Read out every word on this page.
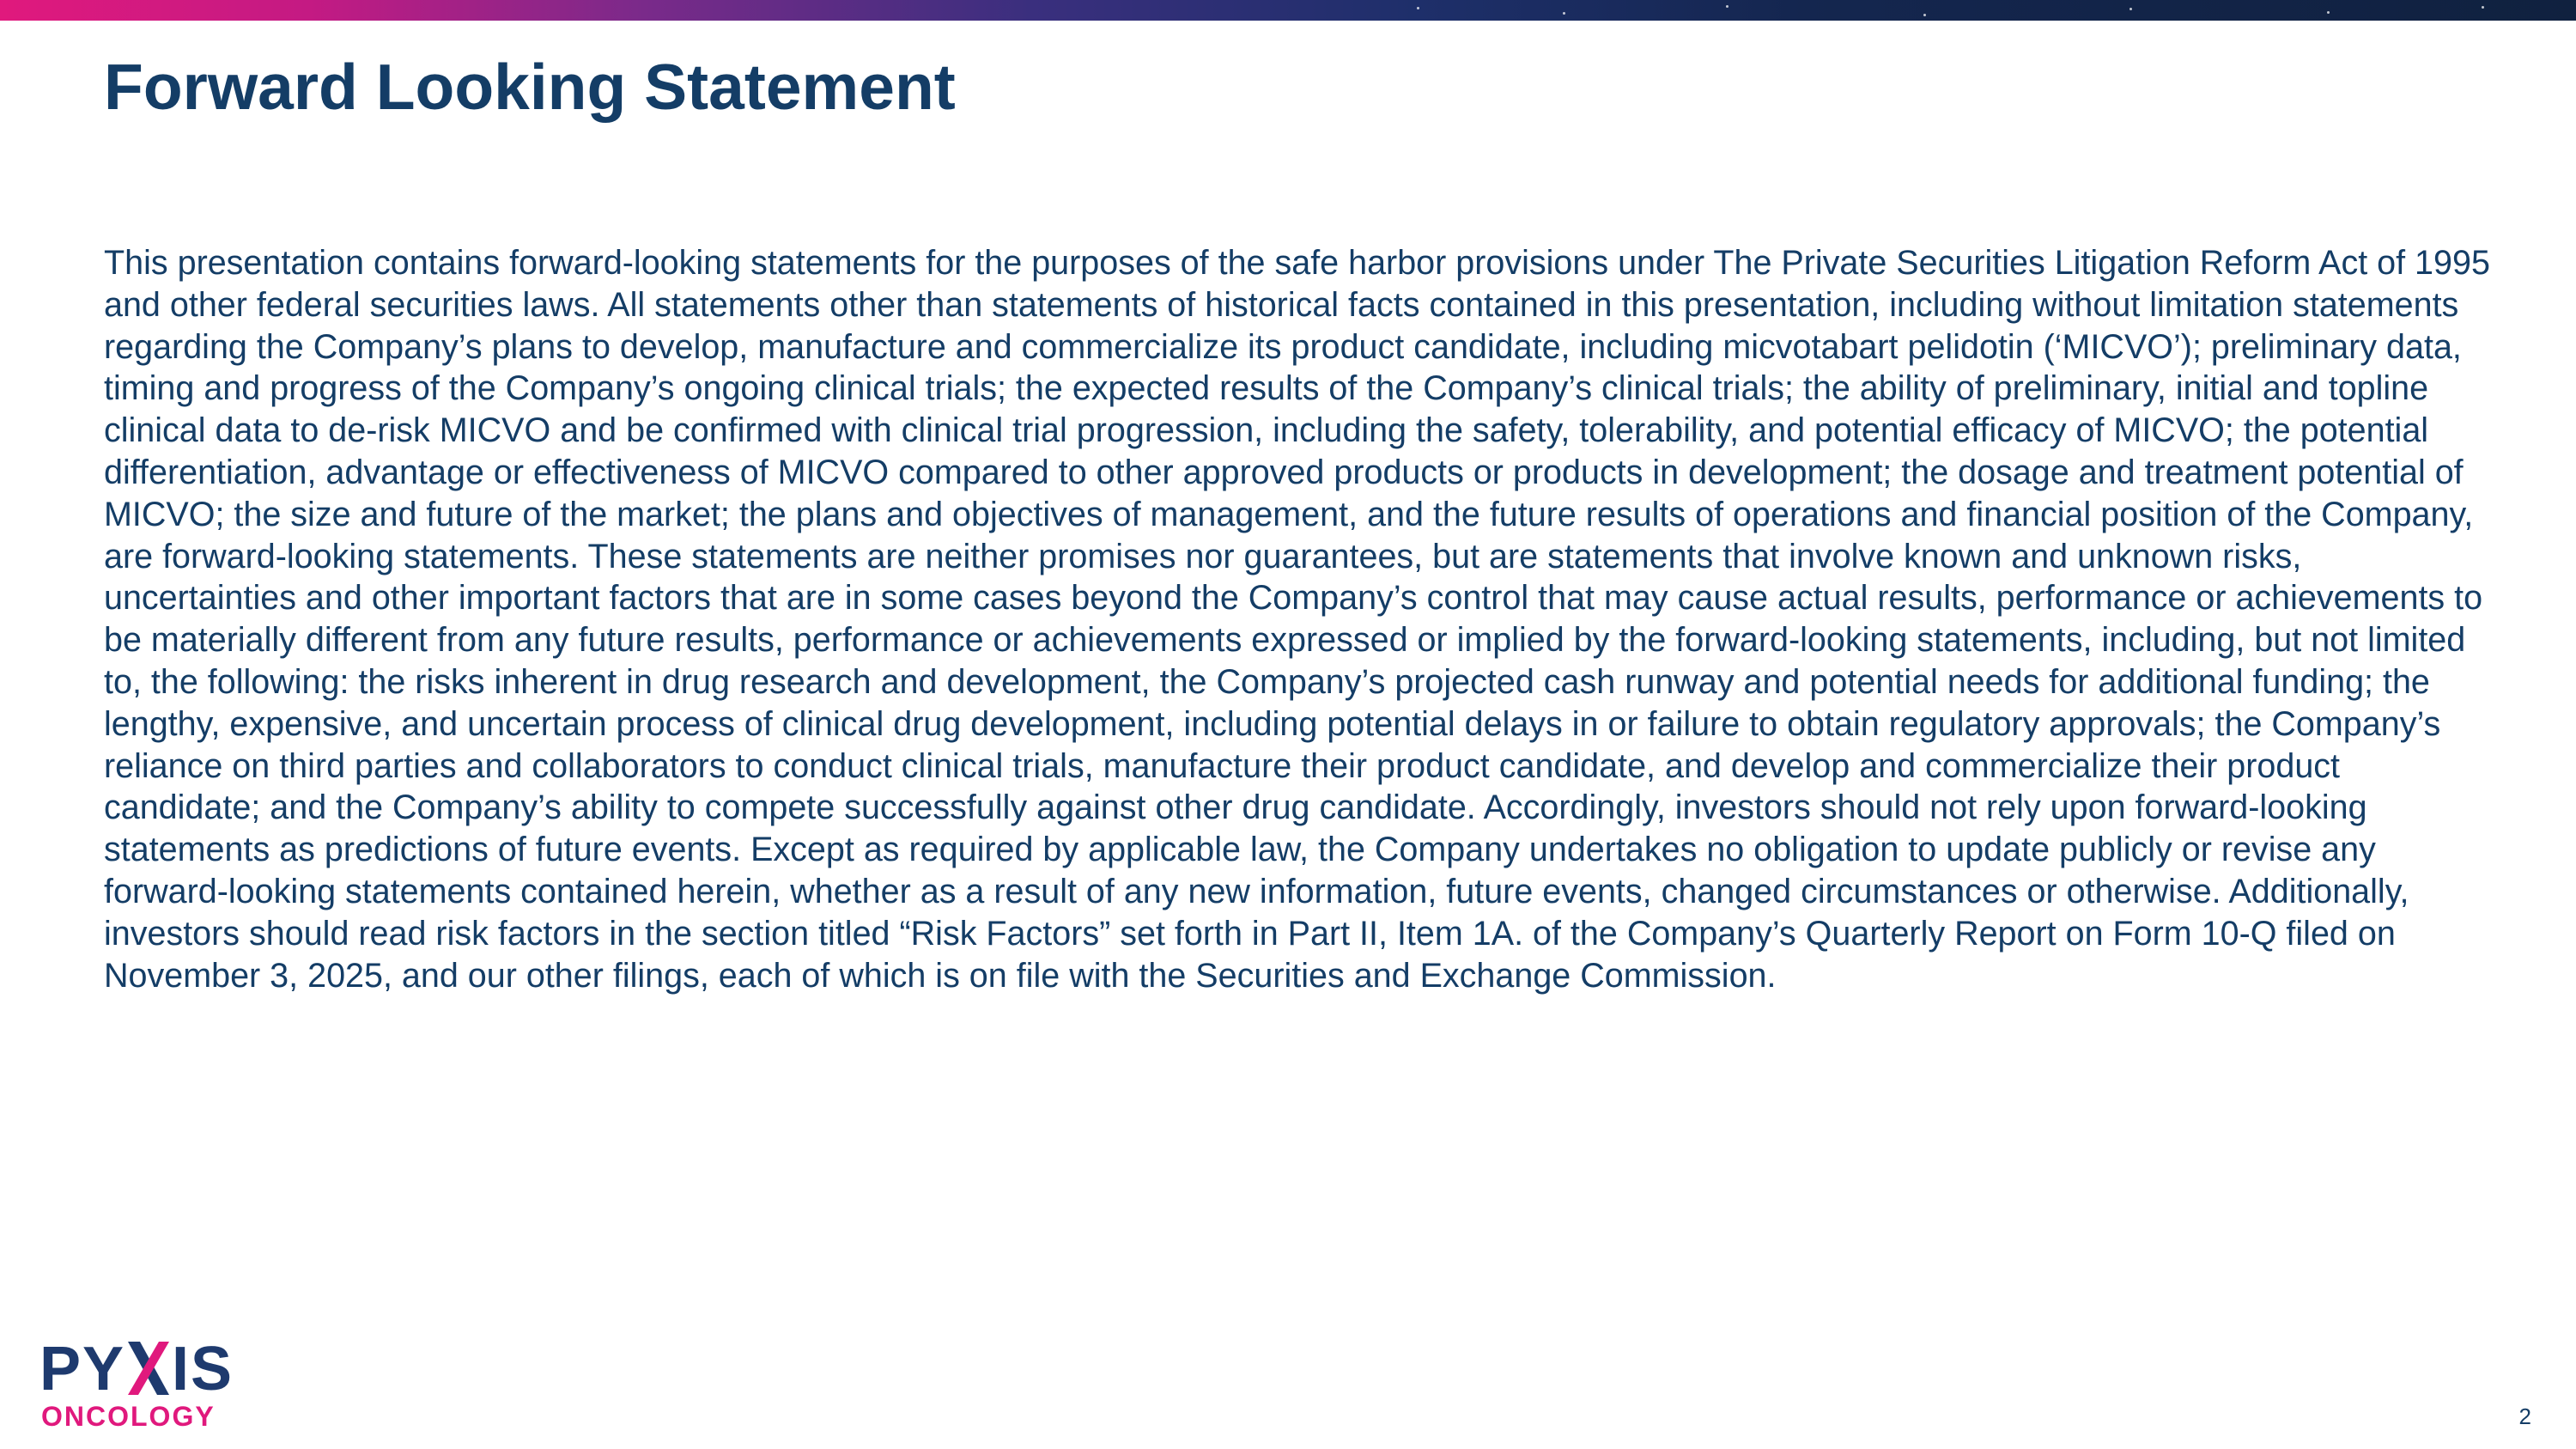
Forward Looking Statement

This presentation contains forward-looking statements for the purposes of the safe harbor provisions under The Private Securities Litigation Reform Act of 1995 and other federal securities laws. All statements other than statements of historical facts contained in this presentation, including without limitation statements regarding the Company’s plans to develop, manufacture and commercialize its product candidate, including micvotabart pelidotin (‘MICVO’); preliminary data, timing and progress of the Company’s ongoing clinical trials; the expected results of the Company’s clinical trials; the ability of preliminary, initial and topline clinical data to de-risk MICVO and be confirmed with clinical trial progression, including the safety, tolerability, and potential efficacy of MICVO; the potential differentiation, advantage or effectiveness of MICVO compared to other approved products or products in development; the dosage and treatment potential of MICVO; the size and future of the market; the plans and objectives of management, and the future results of operations and financial position of the Company, are forward-looking statements. These statements are neither promises nor guarantees, but are statements that involve known and unknown risks, uncertainties and other important factors that are in some cases beyond the Company’s control that may cause actual results, performance or achievements to be materially different from any future results, performance or achievements expressed or implied by the forward-looking statements, including, but not limited to, the following: the risks inherent in drug research and development, the Company’s projected cash runway and potential needs for additional funding; the lengthy, expensive, and uncertain process of clinical drug development, including potential delays in or failure to obtain regulatory approvals; the Company’s reliance on third parties and collaborators to conduct clinical trials, manufacture their product candidate, and develop and commercialize their product candidate; and the Company’s ability to compete successfully against other drug candidate. Accordingly, investors should not rely upon forward-looking statements as predictions of future events. Except as required by applicable law, the Company undertakes no obligation to update publicly or revise any forward-looking statements contained herein, whether as a result of any new information, future events, changed circumstances or otherwise. Additionally, investors should read risk factors in the section titled “Risk Factors” set forth in Part II, Item 1A. of the Company’s Quarterly Report on Form 10-Q filed on November 3, 2025, and our other filings, each of which is on file with the Securities and Exchange Commission.

PY IS
ONCOLOGY	2
